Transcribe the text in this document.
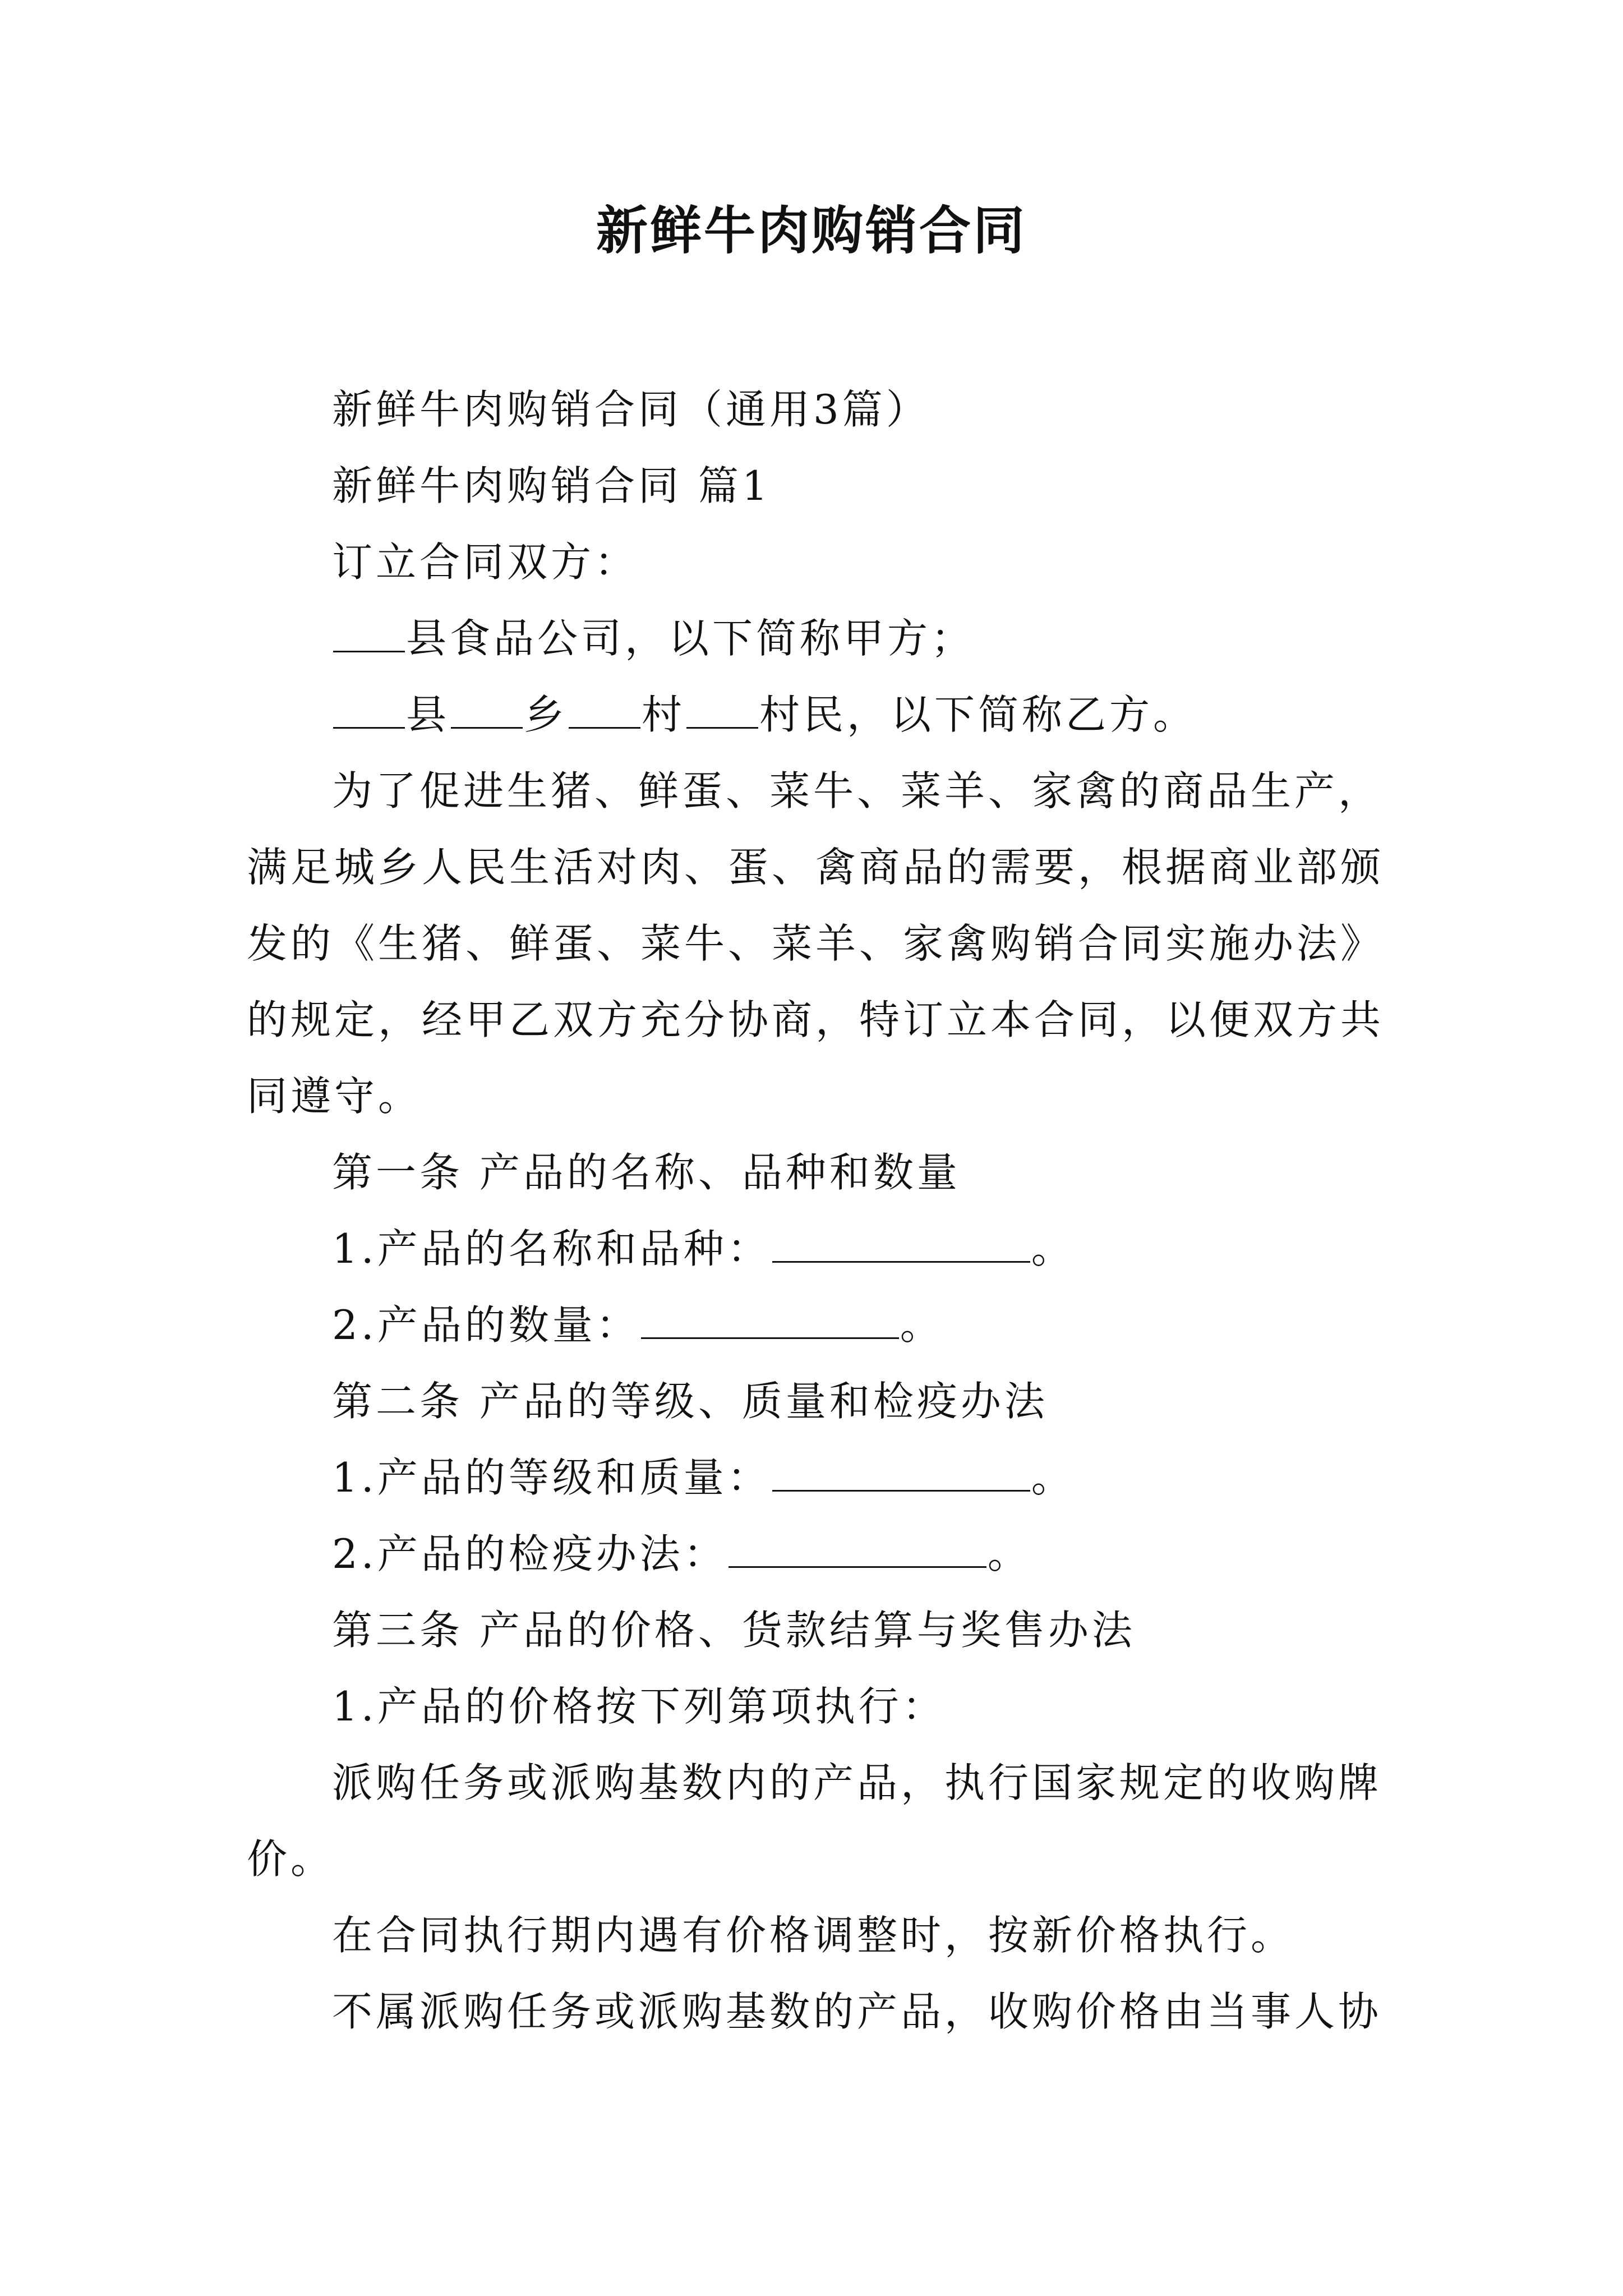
新鲜牛肉购销合同

新鲜牛肉购销合同（通用3篇）

新鲜牛肉购销合同 篇1

订立合同双方：

县食品公司，以下简称甲方；

县 乡 村 村民，以下简称乙方。

为了促进生猪、鲜蛋、菜牛、菜羊、家禽的商品生产，满足城乡人民生活对肉、蛋、禽商品的需要，根据商业部颁发的《生猪、鲜蛋、菜牛、菜羊、家禽购销合同实施办法》的规定，经甲乙双方充分协商，特订立本合同，以便双方共同遵守。

第一条 产品的名称、品种和数量

1.产品的名称和品种：	。

2.产品的数量：	。

第二条 产品的等级、质量和检疫办法

1.产品的等级和质量：	。

2.产品的检疫办法：	。

第三条 产品的价格、货款结算与奖售办法

1.产品的价格按下列第项执行：

派购任务或派购基数内的产品，执行国家规定的收购牌价。

在合同执行期内遇有价格调整时，按新价格执行。

不属派购任务或派购基数的产品，收购价格由当事人协
